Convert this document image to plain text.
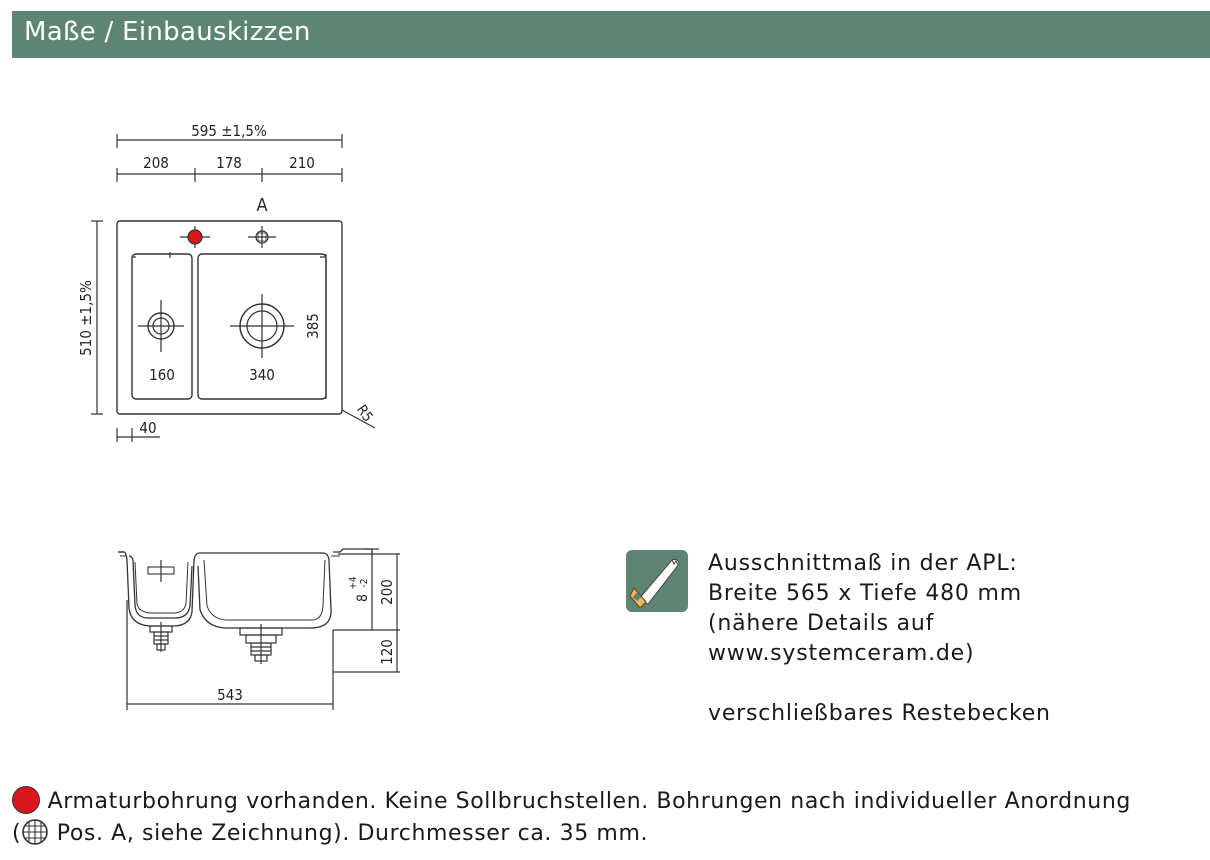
Maße / Einbauskizzen
595 ±1,5%
208	178	210
A
510 ±1,5%
160	340
385
R5
40
543
200
8
+4 -2
120
Ausschnittmaß in der APL:
Breite 565 x Tiefe 480 mm
(nähere Details auf
www.systemceram.de)

verschließbares Restebecken
Armaturbohrung vorhanden. Keine Sollbruchstellen. Bohrungen nach individueller Anordnung
( Pos. A, siehe Zeichnung). Durchmesser ca. 35 mm.
